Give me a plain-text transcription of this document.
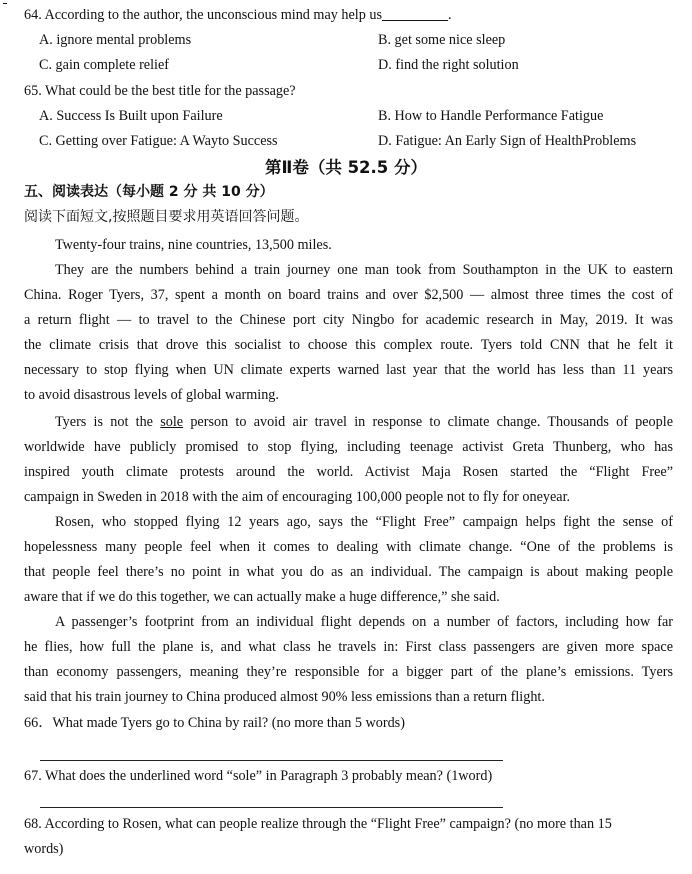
64. According to the author, the unconscious mind may help us	.
A. ignore mental problems	B. get some nice sleep
C. gain complete relief	D. find the right solution
65. What could be the best title for the passage?
A. Success Is Built upon Failure	B. How to Handle Performance Fatigue
C. Getting over Fatigue: A Wayto Success	D. Fatigue: An Early Sign of HealthProblems
第Ⅱ卷（共 52.5 分）
五、阅读表达（每小题 2 分 共 10 分）
阅读下面短文,按照题目要求用英语回答问题。
Twenty-four trains, nine countries, 13,500 miles.
They are the numbers behind a train journey one man took from Southampton in the UK to eastern
China. Roger Tyers, 37, spent a month on board trains and over $2,500 — almost three times the cost of
a return flight — to travel to the Chinese port city Ningbo for academic research in May, 2019. It was
the climate crisis that drove this socialist to choose this complex route. Tyers told CNN that he felt it
necessary to stop flying when UN climate experts warned last year that the world has less than 11 years
to avoid disastrous levels of global warming.
Tyers is not the sole person to avoid air travel in response to climate change. Thousands of people
worldwide have publicly promised to stop flying, including teenage activist Greta Thunberg, who has
inspired youth climate protests around the world. Activist Maja Rosen started the “Flight Free”
campaign in Sweden in 2018 with the aim of encouraging 100,000 people not to fly for oneyear.
Rosen, who stopped flying 12 years ago, says the “Flight Free” campaign helps fight the sense of
hopelessness many people feel when it comes to dealing with climate change. “One of the problems is
that people feel there’s no point in what you do as an individual. The campaign is about making people
aware that if we do this together, we can actually make a huge difference,” she said.
A passenger’s footprint from an individual flight depends on a number of factors, including how far
he flies, how full the plane is, and what class he travels in: First class passengers are given more space
than economy passengers, meaning they’re responsible for a bigger part of the plane’s emissions. Tyers
said that his train journey to China produced almost 90% less emissions than a return flight.
66．What made Tyers go to China by rail? (no more than 5 words)
67. What does the underlined word “sole” in Paragraph 3 probably mean? (1word)
68. According to Rosen, what can people realize through the “Flight Free” campaign? (no more than 15
words)
